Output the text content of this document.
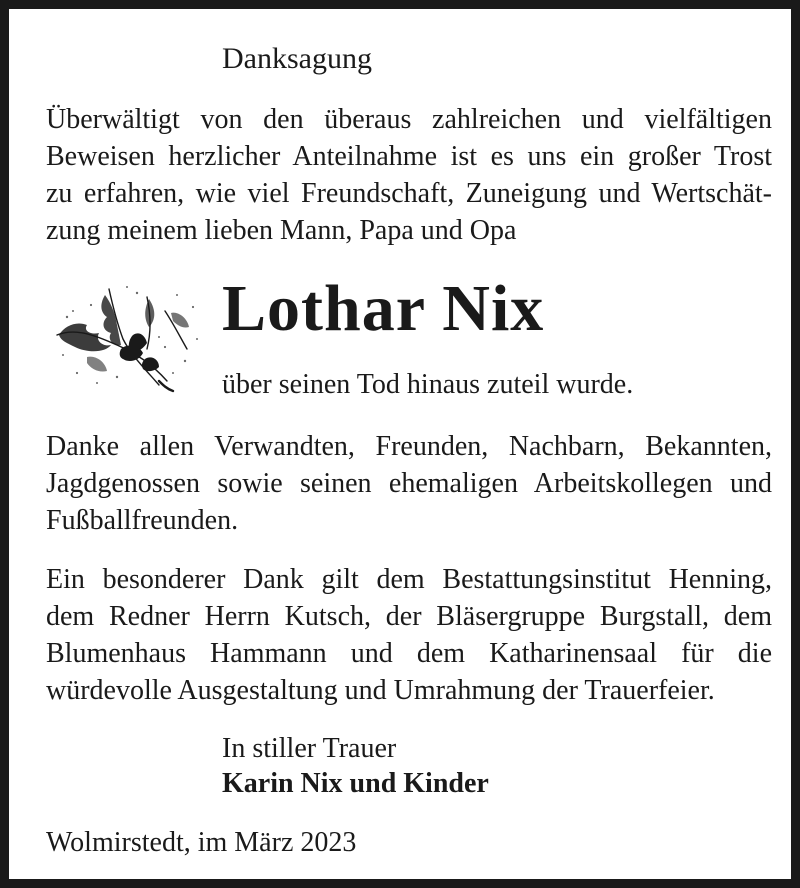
Danksagung
Überwältigt von den überaus zahlreichen und vielfältigen
Beweisen herzlicher Anteilnahme ist es uns ein großer Trost
zu erfahren, wie viel Freundschaft, Zuneigung und Wertschät-
zung meinem lieben Mann, Papa und Opa
Lothar Nix
über seinen Tod hinaus zuteil wurde.
Danke allen Verwandten, Freunden, Nachbarn, Bekannten,
Jagdgenossen sowie seinen ehemaligen Arbeitskollegen und
Fußballfreunden.
Ein besonderer Dank gilt dem Bestattungsinstitut Henning,
dem Redner Herrn Kutsch, der Bläsergruppe Burgstall, dem
Blumenhaus Hammann und dem Katharinensaal für die
würdevolle Ausgestaltung und Umrahmung der Trauerfeier.
In stiller Trauer
Karin Nix und Kinder
Wolmirstedt, im März 2023
